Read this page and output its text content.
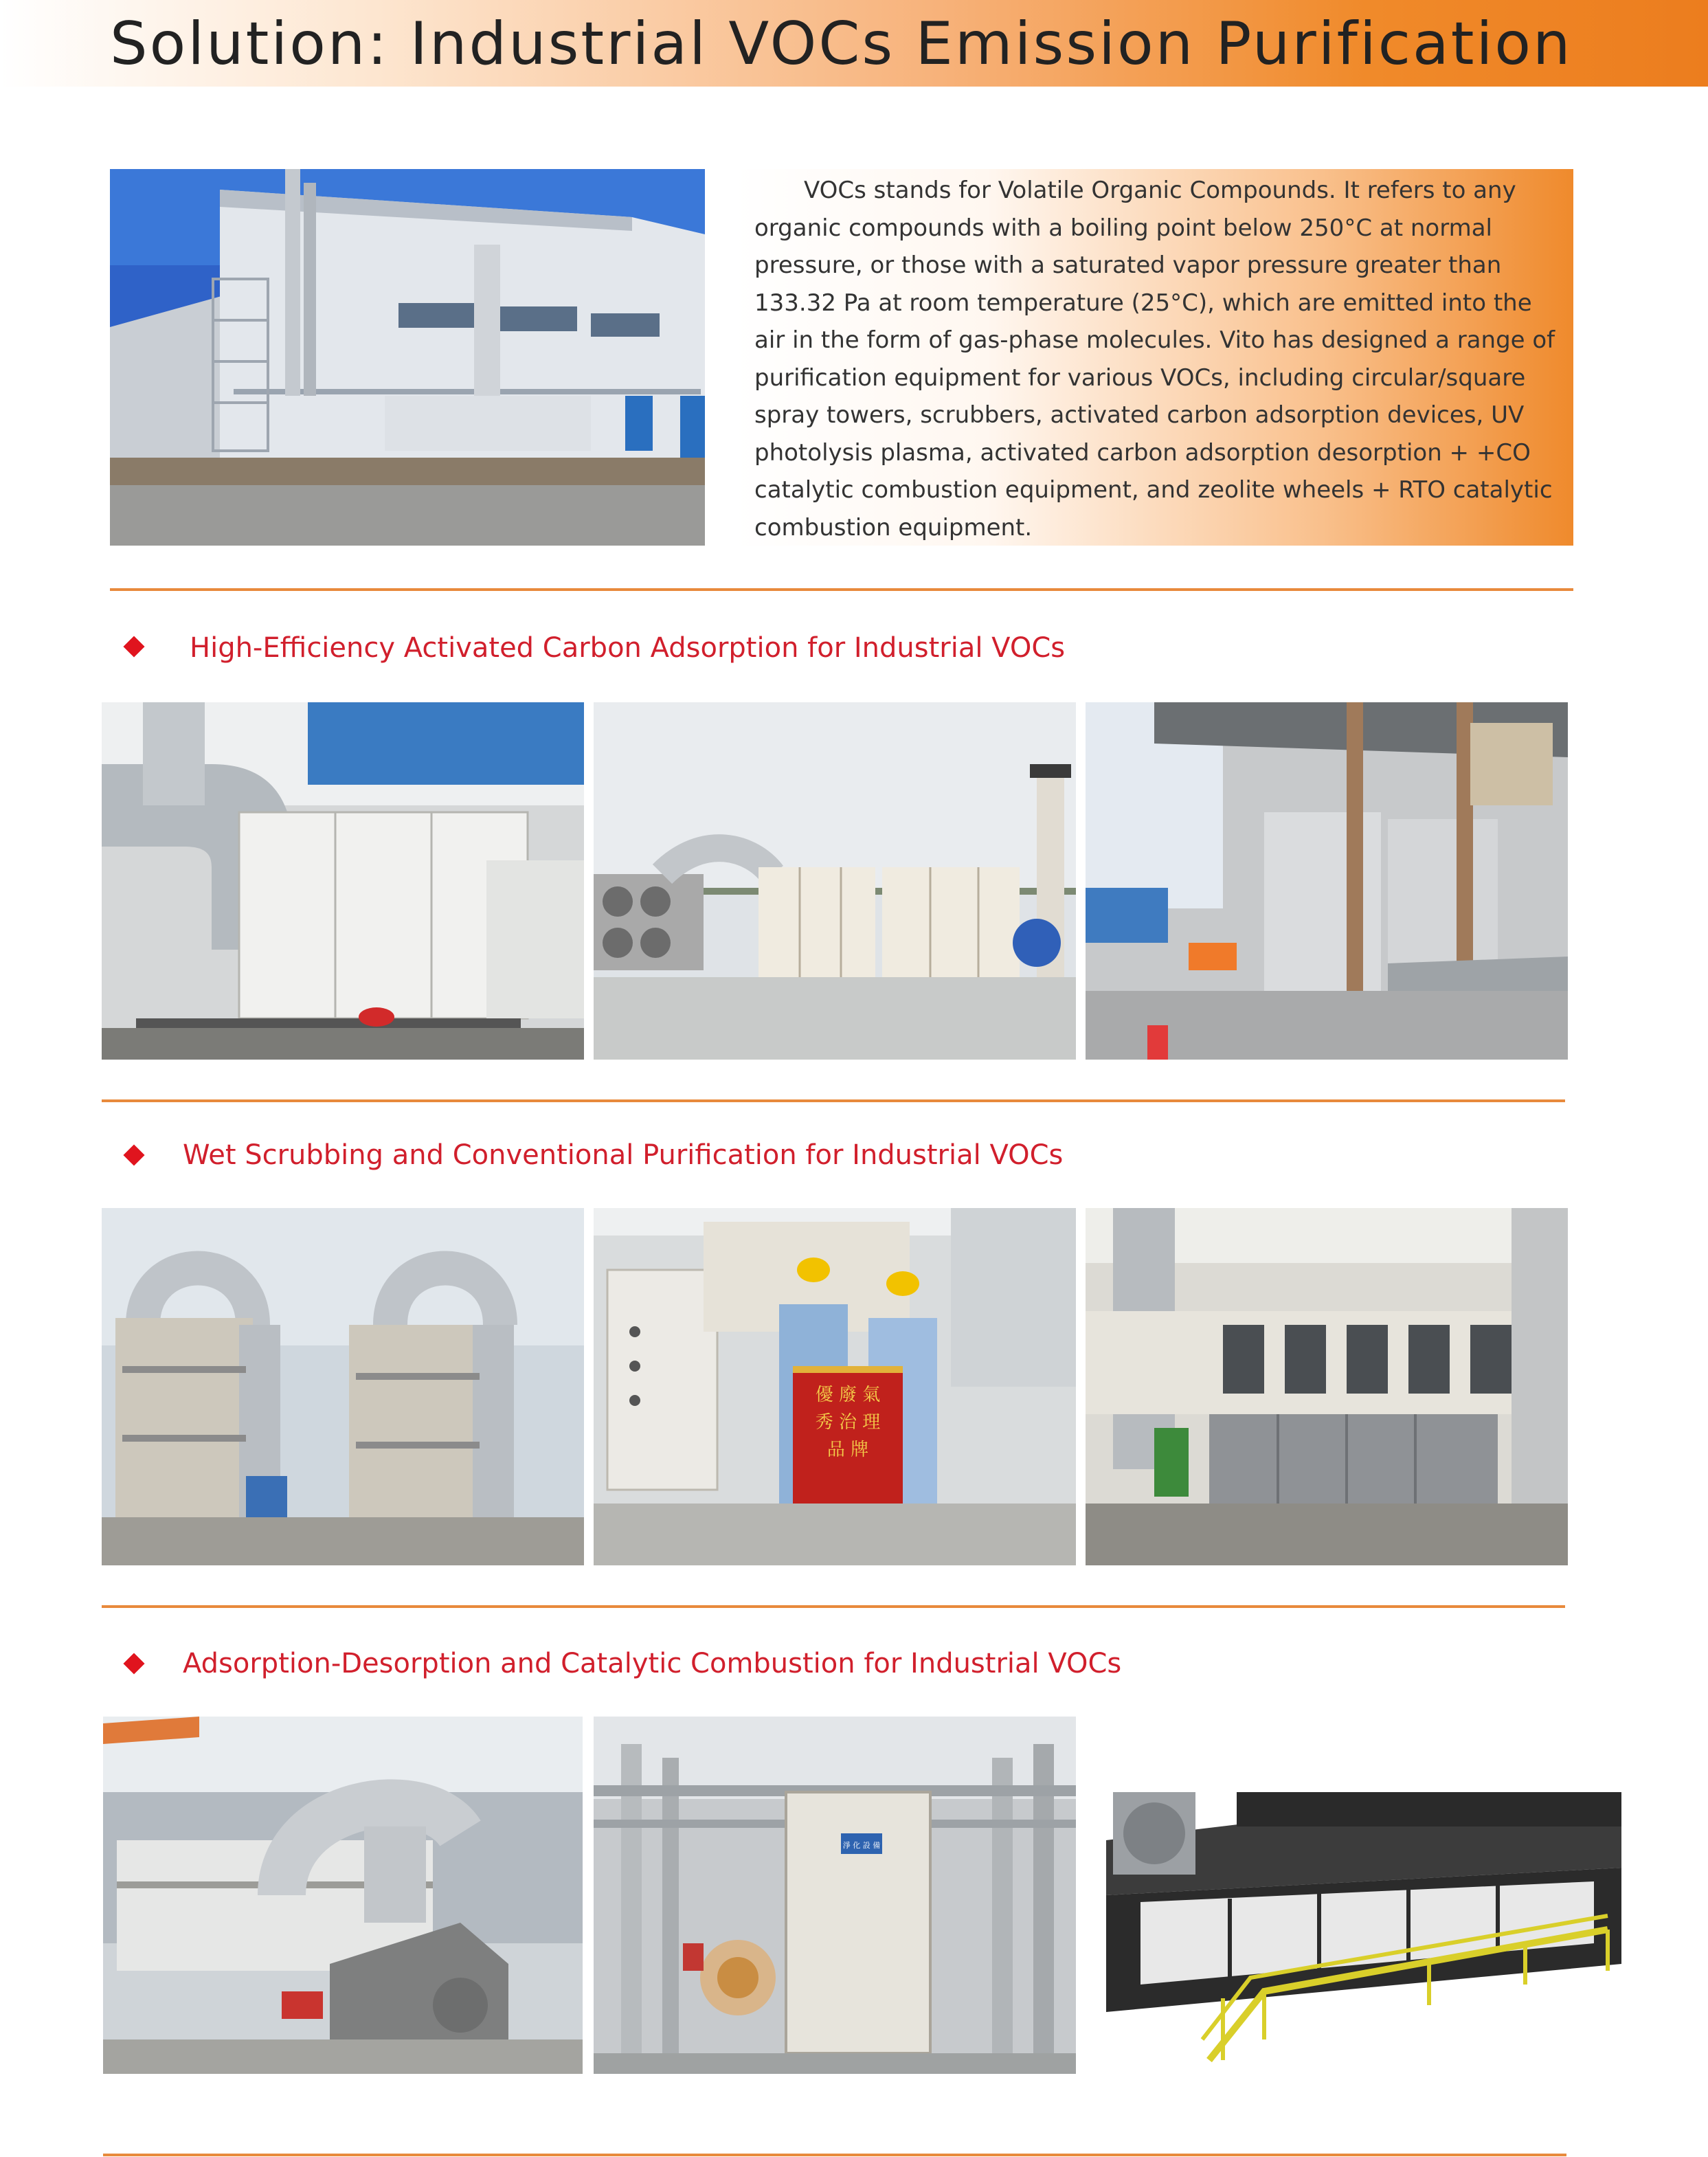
Solution: Industrial VOCs Emission Purification
VOCs stands for Volatile Organic Compounds. It refers to any organic compounds with a boiling point below 250°C at normal pressure, or those with a saturated vapor pressure greater than 133.32 Pa at room temperature (25°C), which are emitted into the air in the form of gas-phase molecules. Vito has designed a range of purification equipment for various VOCs, including circular/square spray towers, scrubbers, activated carbon adsorption devices, UV photolysis plasma, activated carbon adsorption desorption + +CO catalytic combustion equipment, and zeolite wheels + RTO catalytic combustion equipment.
High-Efficiency Activated Carbon Adsorption for Industrial VOCs
Wet Scrubbing and Conventional Purification for Industrial VOCs
優 廢 氣
秀 治 理
品 牌
Adsorption-Desorption and Catalytic Combustion for Industrial VOCs
淨 化 設 備
